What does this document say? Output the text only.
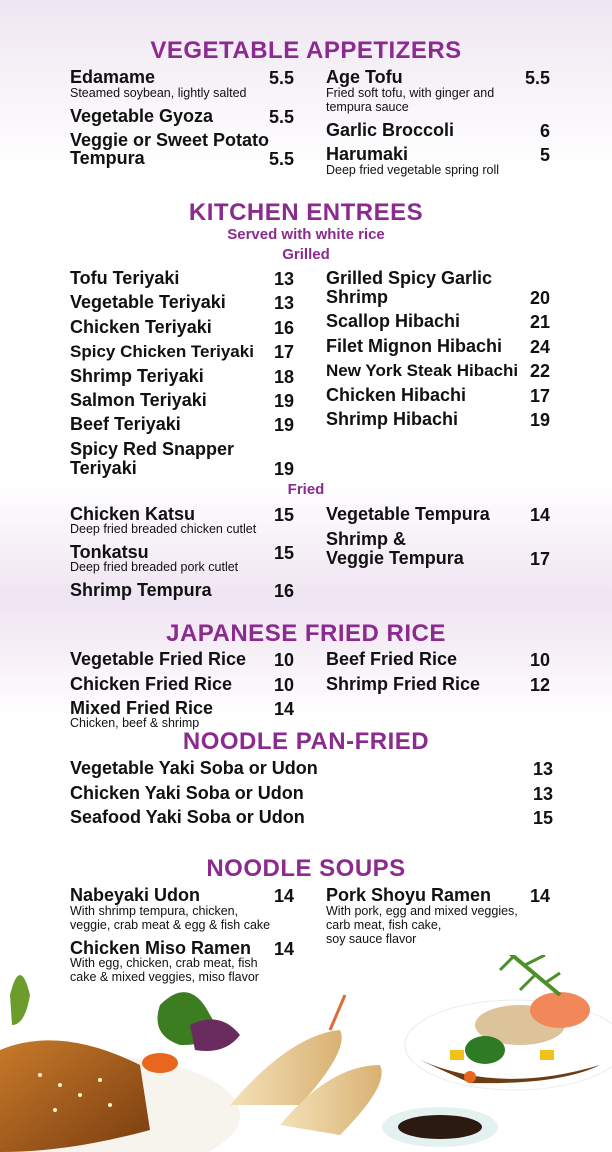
VEGETABLE APPETIZERS
Edamame	5.5
Steamed soybean, lightly salted
Vegetable Gyoza	5.5
Veggie or Sweet Potato
Tempura	5.5
Age Tofu	5.5
Fried soft tofu, with ginger and
tempura sauce
Garlic Broccoli	6
Harumaki	5
Deep fried vegetable spring roll
KITCHEN ENTREES
Served with white rice
Grilled
Tofu Teriyaki	13
Vegetable Teriyaki	13
Chicken Teriyaki	16
Spicy Chicken Teriyaki	17
Shrimp Teriyaki	18
Salmon Teriyaki	19
Beef Teriyaki	19
Spicy Red Snapper
Teriyaki	19
Grilled Spicy Garlic
Shrimp	20
Scallop Hibachi	21
Filet Mignon Hibachi	24
New York Steak Hibachi 22
Chicken Hibachi	17
Shrimp Hibachi	19
Fried
Chicken Katsu	15
Deep fried breaded chicken cutlet
Tonkatsu	15
Deep fried breaded pork cutlet
Shrimp Tempura	16
Vegetable Tempura	14
Shrimp &
Veggie Tempura	17
JAPANESE FRIED RICE
Vegetable Fried Rice	10
Chicken Fried Rice	10
Mixed Fried Rice	14
Chicken, beef & shrimp
Beef Fried Rice	10
Shrimp Fried Rice	12
NOODLE PAN-FRIED
Vegetable Yaki Soba or Udon	13
Chicken Yaki Soba or Udon	13
Seafood Yaki Soba or Udon	15
NOODLE SOUPS
Nabeyaki Udon	14
With shrimp tempura, chicken,
veggie, crab meat & egg & fish cake
Chicken Miso Ramen	14
With egg, chicken, crab meat, fish
cake & mixed veggies, miso flavor
Pork Shoyu Ramen	14
With pork, egg and mixed veggies,
carb meat, fish cake,
soy sauce flavor
